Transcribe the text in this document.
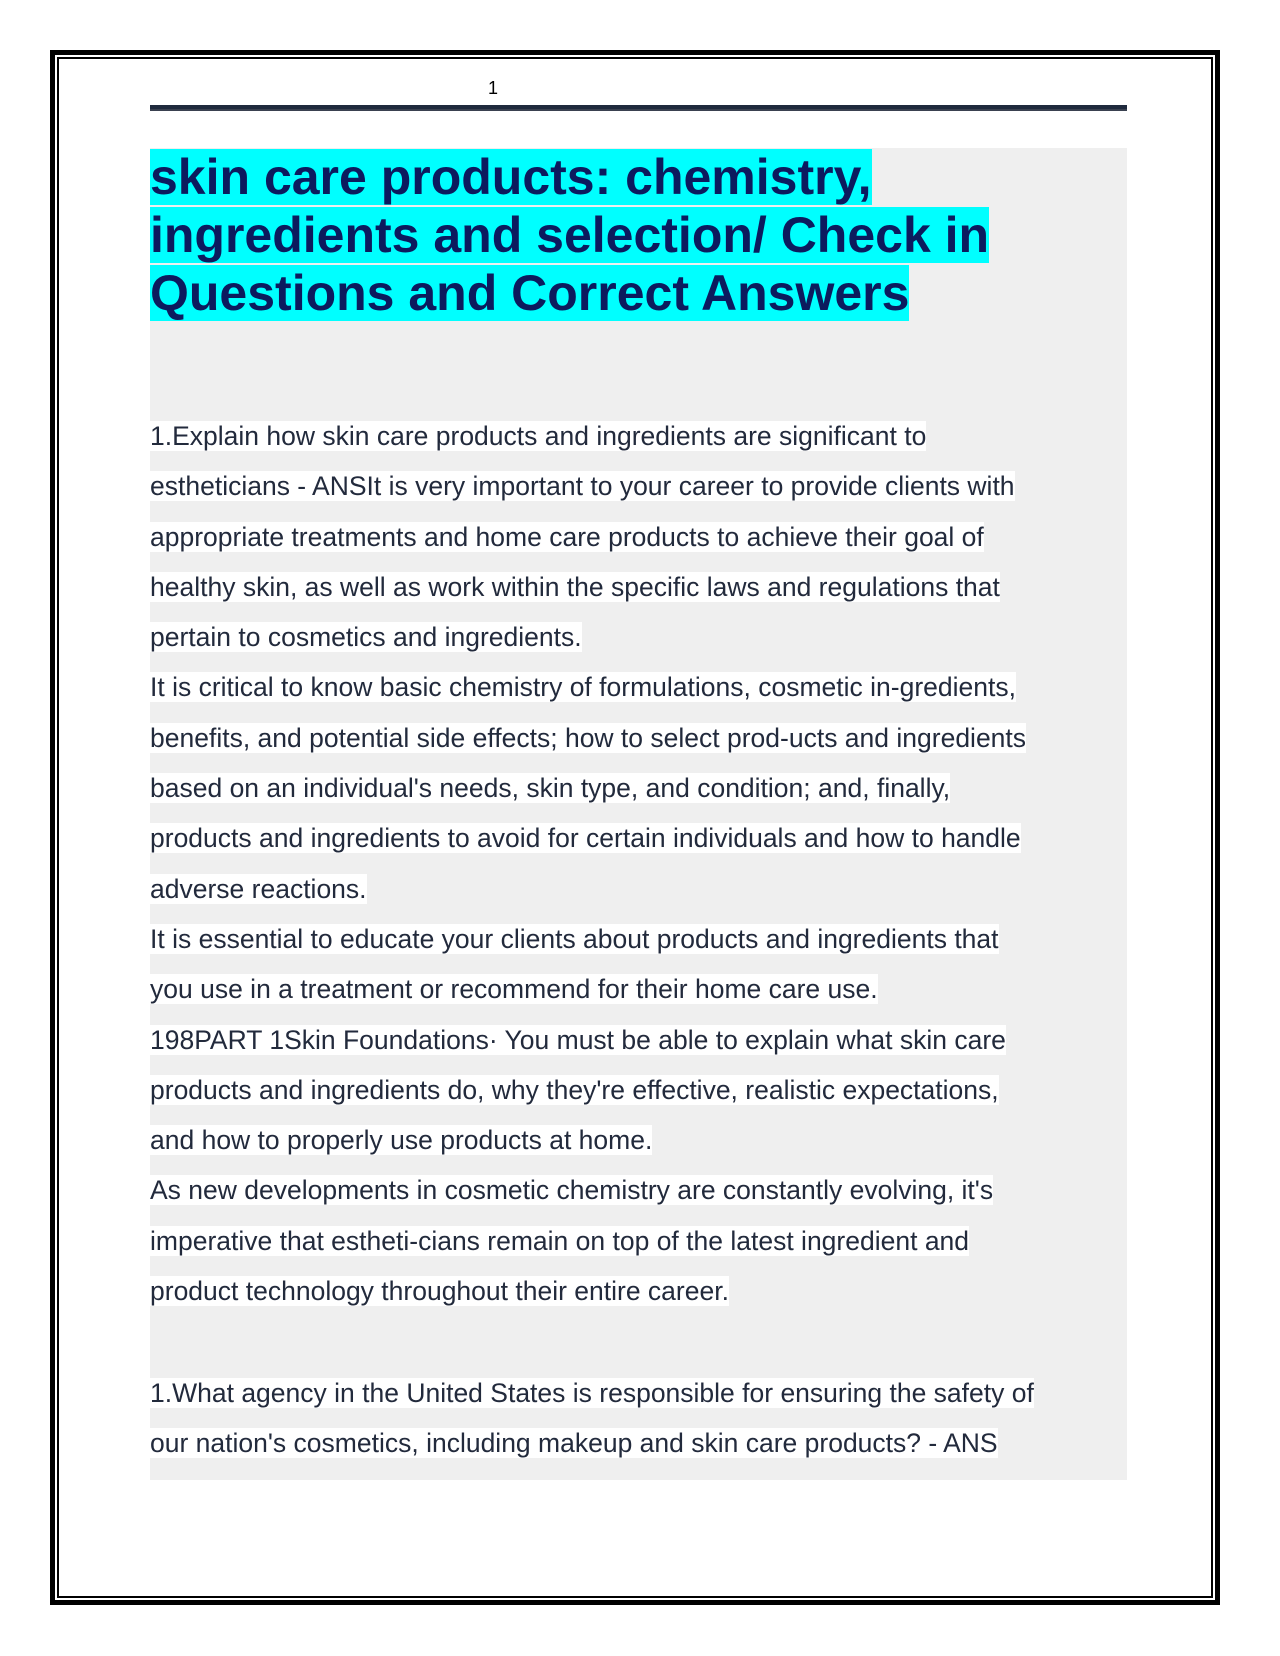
1
skin care products: chemistry,
ingredients and selection/ Check in
Questions and Correct Answers
1.Explain how skin care products and ingredients are significant to
estheticians - ANSIt is very important to your career to provide clients with
appropriate treatments and home care products to achieve their goal of
healthy skin, as well as work within the specific laws and regulations that
pertain to cosmetics and ingredients.
It is critical to know basic chemistry of formulations, cosmetic in-gredients,
benefits, and potential side effects; how to select prod-ucts and ingredients
based on an individual's needs, skin type, and condition; and, finally,
products and ingredients to avoid for certain individuals and how to handle
adverse reactions.
It is essential to educate your clients about products and ingredients that
you use in a treatment or recommend for their home care use.
198PART 1Skin Foundations· You must be able to explain what skin care
products and ingredients do, why they're effective, realistic expectations,
and how to properly use products at home.
As new developments in cosmetic chemistry are constantly evolving, it's
imperative that estheti-cians remain on top of the latest ingredient and
product technology throughout their entire career.
1.What agency in the United States is responsible for ensuring the safety of
our nation's cosmetics, including makeup and skin care products? - ANS
